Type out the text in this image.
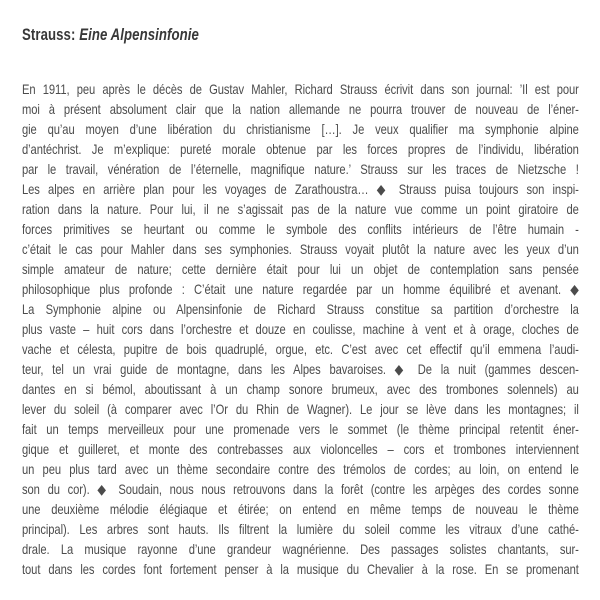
Strauss: Eine Alpensinfonie
En 1911, peu après le décès de Gustav Mahler, Richard Strauss écrivit dans son journal: ’Il est pour
moi à présent absolument clair que la nation allemande ne pourra trouver de nouveau de l’éner-
gie qu’au moyen d’une libération du christianisme […]. Je veux qualifier ma symphonie alpine
d’antéchrist. Je m’explique: pureté morale obtenue par les forces propres de l’individu, libération
par le travail, vénération de l’éternelle, magnifique nature.’ Strauss sur les traces de Nietzsche !
Les alpes en arrière plan pour les voyages de Zarathoustra… ◆ Strauss puisa toujours son inspi-
ration dans la nature. Pour lui, il ne s’agissait pas de la nature vue comme un point giratoire de
forces primitives se heurtant ou comme le symbole des conflits intérieurs de l’être humain -
c’était le cas pour Mahler dans ses symphonies. Strauss voyait plutôt la nature avec les yeux d’un
simple amateur de nature; cette dernière était pour lui un objet de contemplation sans pensée
philosophique plus profonde : C’était une nature regardée par un homme équilibré et avenant. ◆
La Symphonie alpine ou Alpensinfonie de Richard Strauss constitue sa partition d’orchestre la
plus vaste – huit cors dans l’orchestre et douze en coulisse, machine à vent et à orage, cloches de
vache et célesta, pupitre de bois quadruplé, orgue, etc. C’est avec cet effectif qu’il emmena l’audi-
teur, tel un vrai guide de montagne, dans les Alpes bavaroises. ◆ De la nuit (gammes descen-
dantes en si bémol, aboutissant à un champ sonore brumeux, avec des trombones solennels) au
lever du soleil (à comparer avec l’Or du Rhin de Wagner). Le jour se lève dans les montagnes; il
fait un temps merveilleux pour une promenade vers le sommet (le thème principal retentit éner-
gique et guilleret, et monte des contrebasses aux violoncelles – cors et trombones interviennent
un peu plus tard avec un thème secondaire contre des trémolos de cordes; au loin, on entend le
son du cor). ◆ Soudain, nous nous retrouvons dans la forêt (contre les arpèges des cordes sonne
une deuxième mélodie élégiaque et étirée; on entend en même temps de nouveau le thème
principal). Les arbres sont hauts. Ils filtrent la lumière du soleil comme les vitraux d’une cathé-
drale. La musique rayonne d’une grandeur wagnérienne. Des passages solistes chantants, sur-
tout dans les cordes font fortement penser à la musique du Chevalier à la rose. En se promenant
